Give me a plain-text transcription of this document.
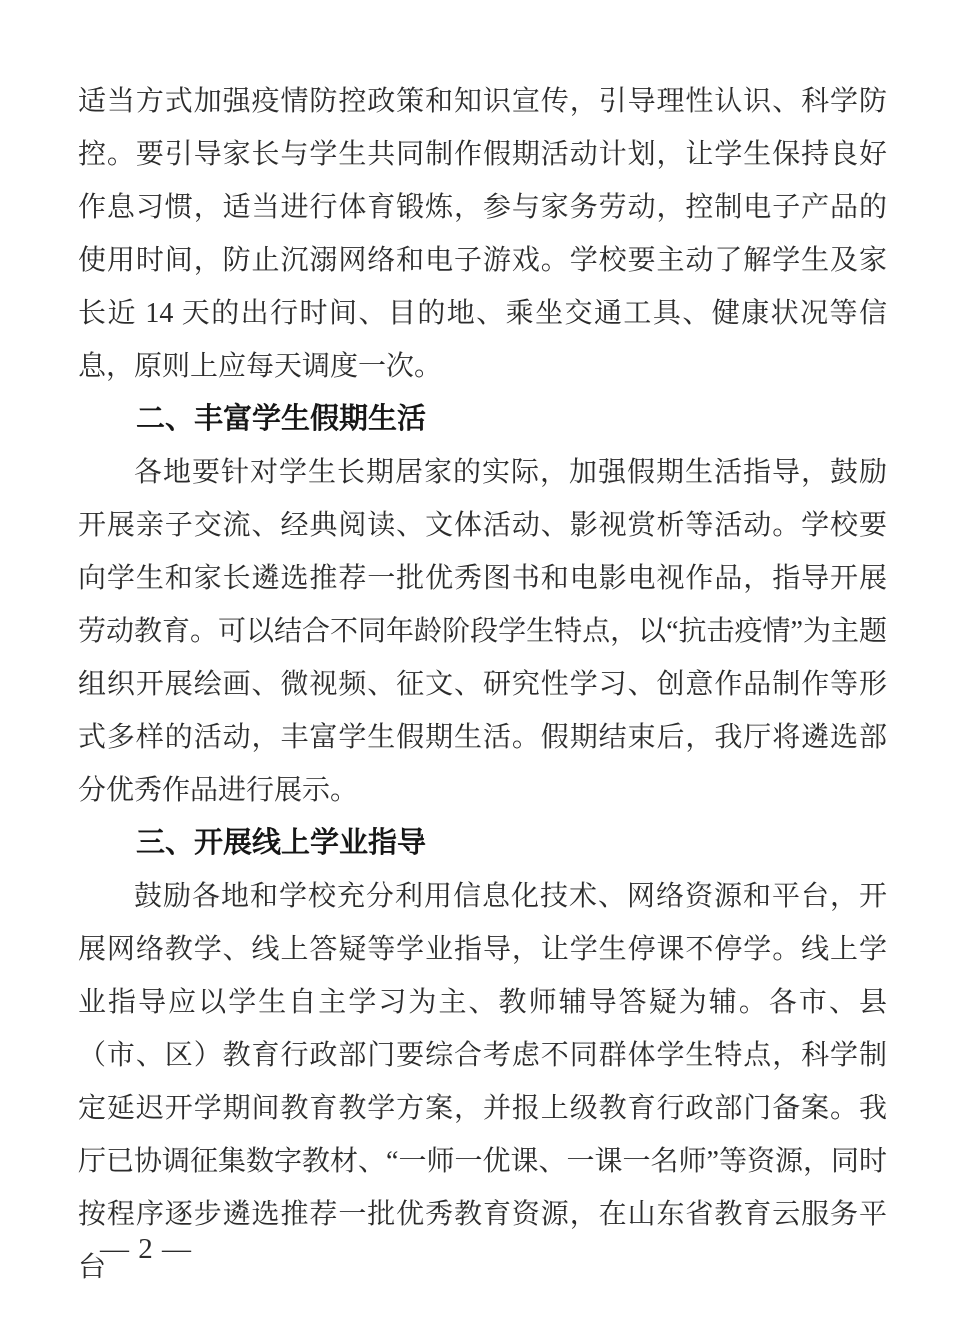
适当方式加强疫情防控政策和知识宣传，引导理性认识、科学防控。要引导家长与学生共同制作假期活动计划，让学生保持良好作息习惯，适当进行体育锻炼，参与家务劳动，控制电子产品的使用时间，防止沉溺网络和电子游戏。学校要主动了解学生及家长近 14 天的出行时间、目的地、乘坐交通工具、健康状况等信息，原则上应每天调度一次。

二、丰富学生假期生活

各地要针对学生长期居家的实际，加强假期生活指导，鼓励开展亲子交流、经典阅读、文体活动、影视赏析等活动。学校要向学生和家长遴选推荐一批优秀图书和电影电视作品，指导开展劳动教育。可以结合不同年龄阶段学生特点，以“抗击疫情”为主题组织开展绘画、微视频、征文、研究性学习、创意作品制作等形式多样的活动，丰富学生假期生活。假期结束后，我厅将遴选部分优秀作品进行展示。

三、开展线上学业指导

鼓励各地和学校充分利用信息化技术、网络资源和平台，开展网络教学、线上答疑等学业指导，让学生停课不停学。线上学业指导应以学生自主学习为主、教师辅导答疑为辅。各市、县（市、区）教育行政部门要综合考虑不同群体学生特点，科学制定延迟开学期间教育教学方案，并报上级教育行政部门备案。我厅已协调征集数字教材、“一师一优课、一课一名师”等资源，同时按程序逐步遴选推荐一批优秀教育资源，在山东省教育云服务平台

— 2 —
